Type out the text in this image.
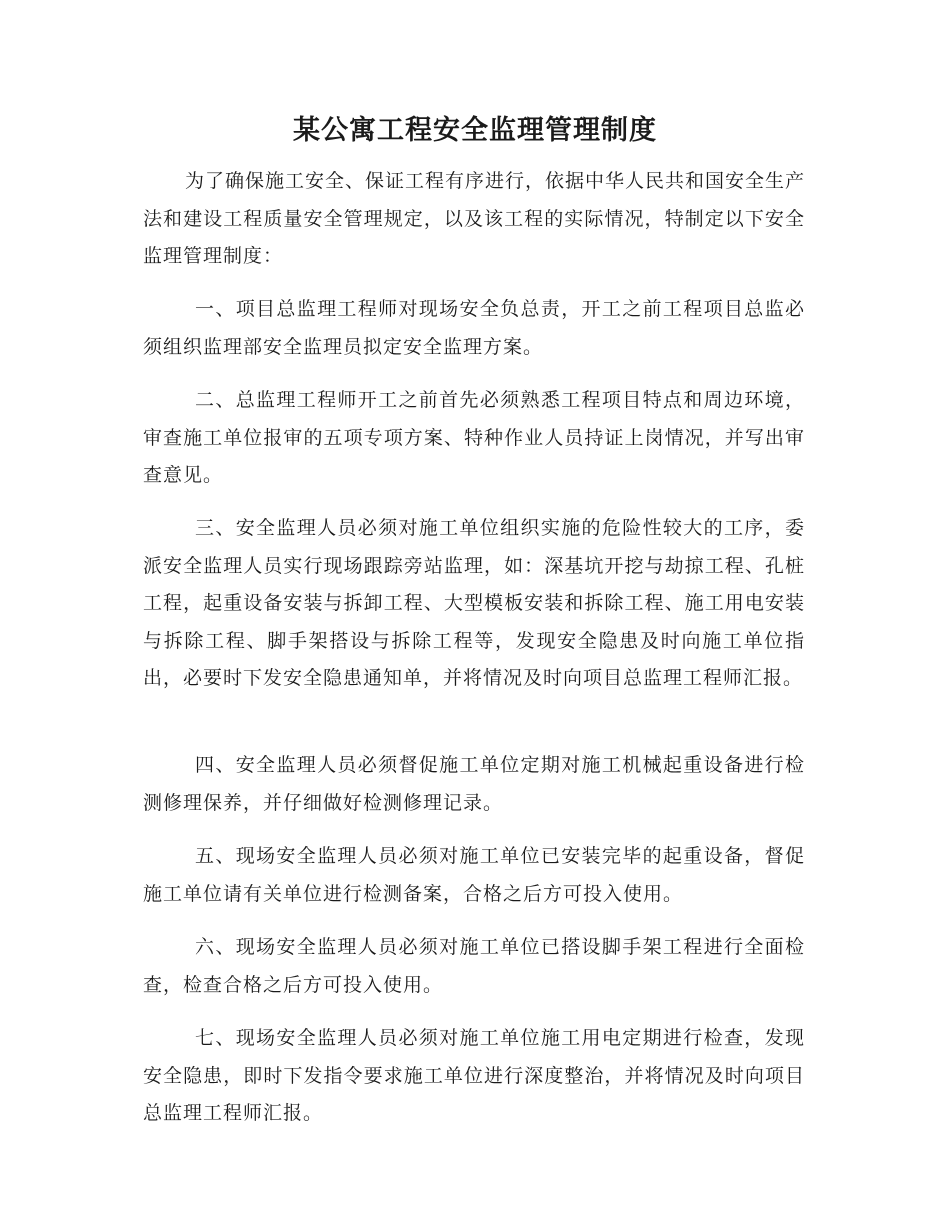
某公寓工程安全监理管理制度

为了确保施工安全、保证工程有序进行，依据中华人民共和国安全生产法和建设工程质量安全管理规定，以及该工程的实际情况，特制定以下安全监理管理制度：

一、项目总监理工程师对现场安全负总责，开工之前工程项目总监必须组织监理部安全监理员拟定安全监理方案。

二、总监理工程师开工之前首先必须熟悉工程项目特点和周边环境，审查施工单位报审的五项专项方案、特种作业人员持证上岗情况，并写出审查意见。

三、安全监理人员必须对施工单位组织实施的危险性较大的工序，委派安全监理人员实行现场跟踪旁站监理，如：深基坑开挖与劫掠工程、孔桩工程，起重设备安装与拆卸工程、大型模板安装和拆除工程、施工用电安装与拆除工程、脚手架搭设与拆除工程等，发现安全隐患及时向施工单位指出，必要时下发安全隐患通知单，并将情况及时向项目总监理工程师汇报。

四、安全监理人员必须督促施工单位定期对施工机械起重设备进行检测修理保养，并仔细做好检测修理记录。

五、现场安全监理人员必须对施工单位已安装完毕的起重设备，督促施工单位请有关单位进行检测备案，合格之后方可投入使用。

六、现场安全监理人员必须对施工单位已搭设脚手架工程进行全面检查，检查合格之后方可投入使用。

七、现场安全监理人员必须对施工单位施工用电定期进行检查，发现安全隐患，即时下发指令要求施工单位进行深度整治，并将情况及时向项目总监理工程师汇报。
